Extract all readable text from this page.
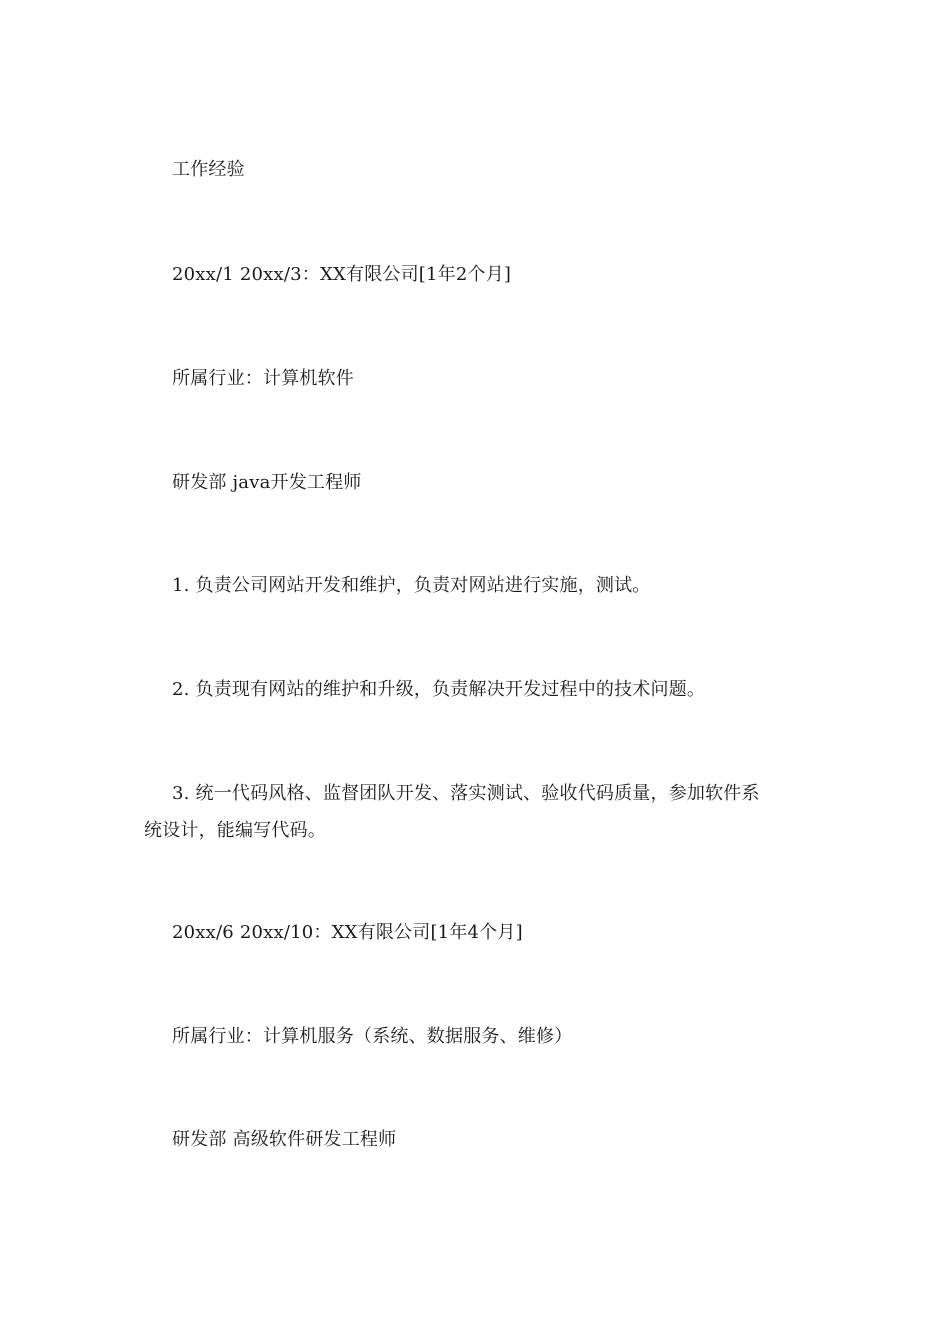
工作经验
20xx/1 20xx/3：XX有限公司[1年2个月]
所属行业：计算机软件
研发部 java开发工程师
1. 负责公司网站开发和维护，负责对网站进行实施，测试。
2. 负责现有网站的维护和升级，负责解决开发过程中的技术问题。
3. 统一代码风格、监督团队开发、落实测试、验收代码质量，参加软件系
统设计，能编写代码。
20xx/6 20xx/10：XX有限公司[1年4个月]
所属行业：计算机服务（系统、数据服务、维修）
研发部 高级软件研发工程师
